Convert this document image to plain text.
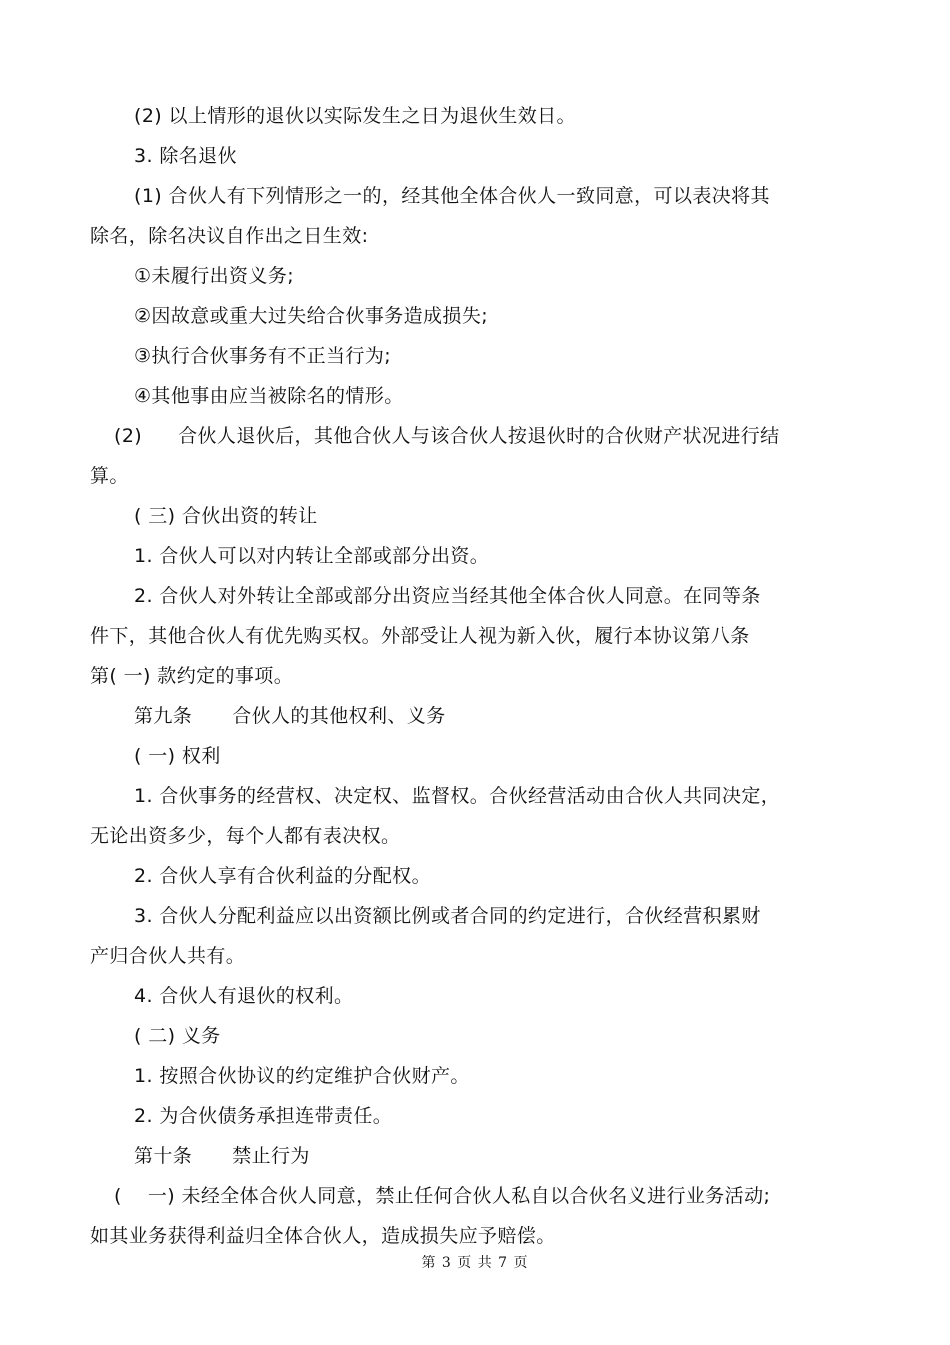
(2) 以上情形的退伙以实际发生之日为退伙生效日。
3. 除名退伙
(1) 合伙人有下列情形之一的，经其他全体合伙人一致同意，可以表决将其
除名，除名决议自作出之日生效:
①未履行出资义务;
②因故意或重大过失给合伙事务造成损失;
③执行合伙事务有不正当行为;
④其他事由应当被除名的情形。
(2) 合伙人退伙后，其他合伙人与该合伙人按退伙时的合伙财产状况进行结
算。
( 三) 合伙出资的转让
1. 合伙人可以对内转让全部或部分出资。
2. 合伙人对外转让全部或部分出资应当经其他全体合伙人同意。在同等条
件下，其他合伙人有优先购买权。外部受让人视为新入伙，履行本协议第八条
第( 一) 款约定的事项。
第九条 合伙人的其他权利、义务
( 一) 权利
1. 合伙事务的经营权、决定权、监督权。合伙经营活动由合伙人共同决定，
无论出资多少，每个人都有表决权。
2. 合伙人享有合伙利益的分配权。
3. 合伙人分配利益应以出资额比例或者合同的约定进行，合伙经营积累财
产归合伙人共有。
4. 合伙人有退伙的权利。
( 二) 义务
1. 按照合伙协议的约定维护合伙财产。
2. 为合伙债务承担连带责任。
第十条 禁止行为
( 一) 未经全体合伙人同意，禁止任何合伙人私自以合伙名义进行业务活动;
如其业务获得利益归全体合伙人，造成损失应予赔偿。
第 3 页 共 7 页
